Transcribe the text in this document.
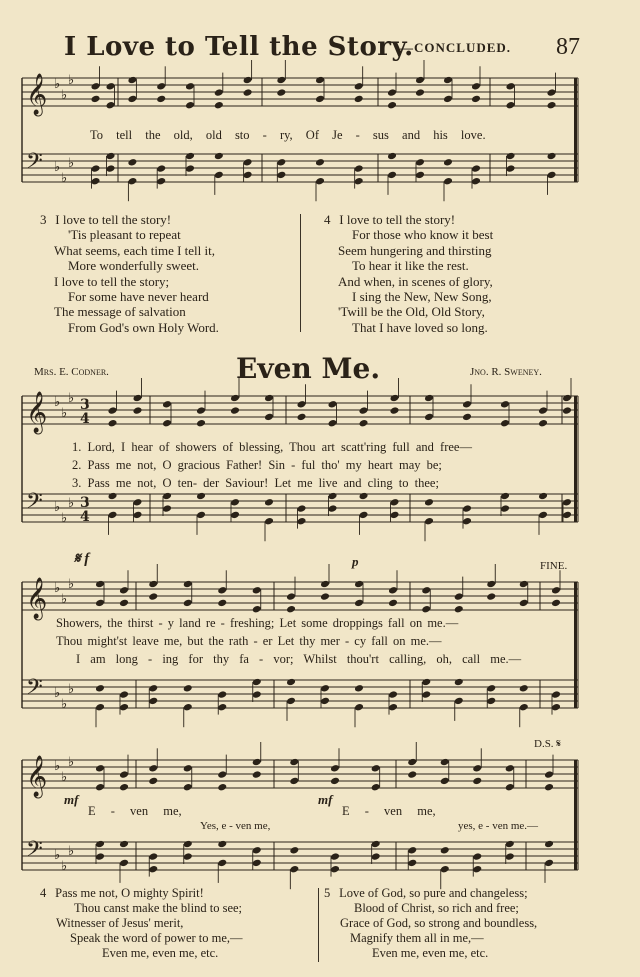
I Love to Tell the Story.
—CONCLUDED. 87
𝄞 ♭
♭
♭
𝄢 ♭
♭
♭
𝄞 ♭
♭
♭ 3
4
𝄢 ♭
♭
♭ 3
4
𝄞 ♭
♭
♭
𝄢 ♭
♭
♭
𝄞 ♭
♭
♭
𝄢 ♭
♭
♭
To tell the old, old sto - ry, Of Je - sus and his love.
3 I love to tell the story!
'Tis pleasant to repeat
What seems, each time I tell it,
More wonderfully sweet.
I love to tell the story;
For some have never heard
The message of salvation
From God's own Holy Word.
4 I love to tell the story!
For those who know it best
Seem hungering and thirsting
To hear it like the rest.
And when, in scenes of glory,
I sing the New, New Song,
'Twill be the Old, Old Story,
That I have loved so long.
Mrs. E. Codner.	Even Me.	Jno. R. Sweney.
1. Lord, I hear of showers of blessing, Thou art scatt'ring full and free—
2. Pass me not, O gracious Father! Sin - ful tho' my heart may be;
3. Pass me not, O ten- der Saviour! Let me live and cling to thee;
𝄋 f	p	FINE.
Showers, the thirst - y land re - freshing; Let some droppings fall on me.—
Thou might'st leave me, but the rath - er Let thy mer - cy fall on me.—
I am long - ing for thy fa - vor; Whilst thou'rt calling, oh, call me.—
D.S. 𝄋
mf	mf
E - ven me,	E - ven me,
Yes, e - ven me,	yes, e - ven me.—
4 Pass me not, O mighty Spirit!
Thou canst make the blind to see;
Witnesser of Jesus' merit,
Speak the word of power to me,—
Even me, even me, etc.
5 Love of God, so pure and changeless;
Blood of Christ, so rich and free;
Grace of God, so strong and boundless,
Magnify them all in me,—
Even me, even me, etc.
